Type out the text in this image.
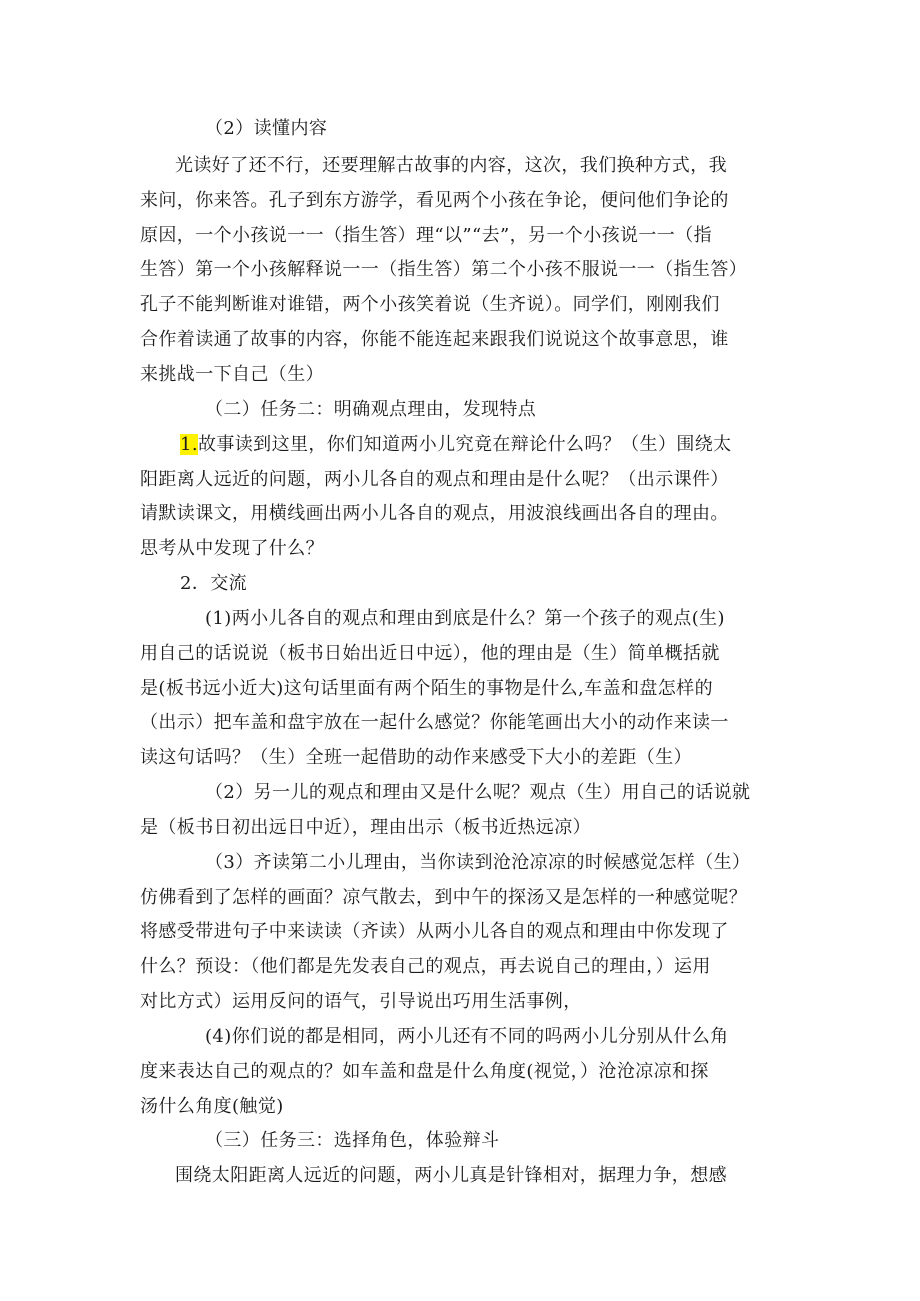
（2）读懂内容
光读好了还不行，还要理解古故事的内容，这次，我们换种方式，我
来问，你来答。孔子到东方游学，看见两个小孩在争论，便问他们争论的
原因，一个小孩说一一（指生答）理“以”“去”，另一个小孩说一一（指
生答）第一个小孩解释说一一（指生答）第二个小孩不服说一一（指生答）
孔子不能判断谁对谁错，两个小孩笑着说（生齐说）。同学们，刚刚我们
合作着读通了故事的内容，你能不能连起来跟我们说说这个故事意思，谁
来挑战一下自己（生）
（二）任务二：明确观点理由，发现特点
1.故事读到这里，你们知道两小儿究竟在辩论什么吗？（生）围绕太
阳距离人远近的问题，两小儿各自的观点和理由是什么呢？（出示课件）
请默读课文，用横线画出两小儿各自的观点，用波浪线画出各自的理由。
思考从中发现了什么？
2．交流
(1)两小儿各自的观点和理由到底是什么？第一个孩子的观点(生)
用自己的话说说（板书日始出近日中远），他的理由是（生）简单概括就
是(板书远小近大)这句话里面有两个陌生的事物是什么,车盖和盘怎样的
（出示）把车盖和盘宇放在一起什么感觉？你能笔画出大小的动作来读一
读这句话吗？（生）全班一起借助的动作来感受下大小的差距（生）
（2）另一儿的观点和理由又是什么呢？观点（生）用自己的话说就
是（板书日初出远日中近），理由出示（板书近热远凉）
（3）齐读第二小儿理由，当你读到沧沧凉凉的时候感觉怎样（生）
仿佛看到了怎样的画面？凉气散去，到中午的探汤又是怎样的一种感觉呢？
将感受带进句子中来读读（齐读）从两小儿各自的观点和理由中你发现了
什么？预设：（他们都是先发表自己的观点，再去说自己的理由，）运用
对比方式）运用反问的语气，引导说出巧用生活事例，
(4)你们说的都是相同，两小儿还有不同的吗两小儿分别从什么角
度来表达自己的观点的？如车盖和盘是什么角度(视觉，）沧沧凉凉和探
汤什么角度(触觉)
（三）任务三：选择角色，体验辩斗
围绕太阳距离人远近的问题，两小儿真是针锋相对，据理力争，想感
